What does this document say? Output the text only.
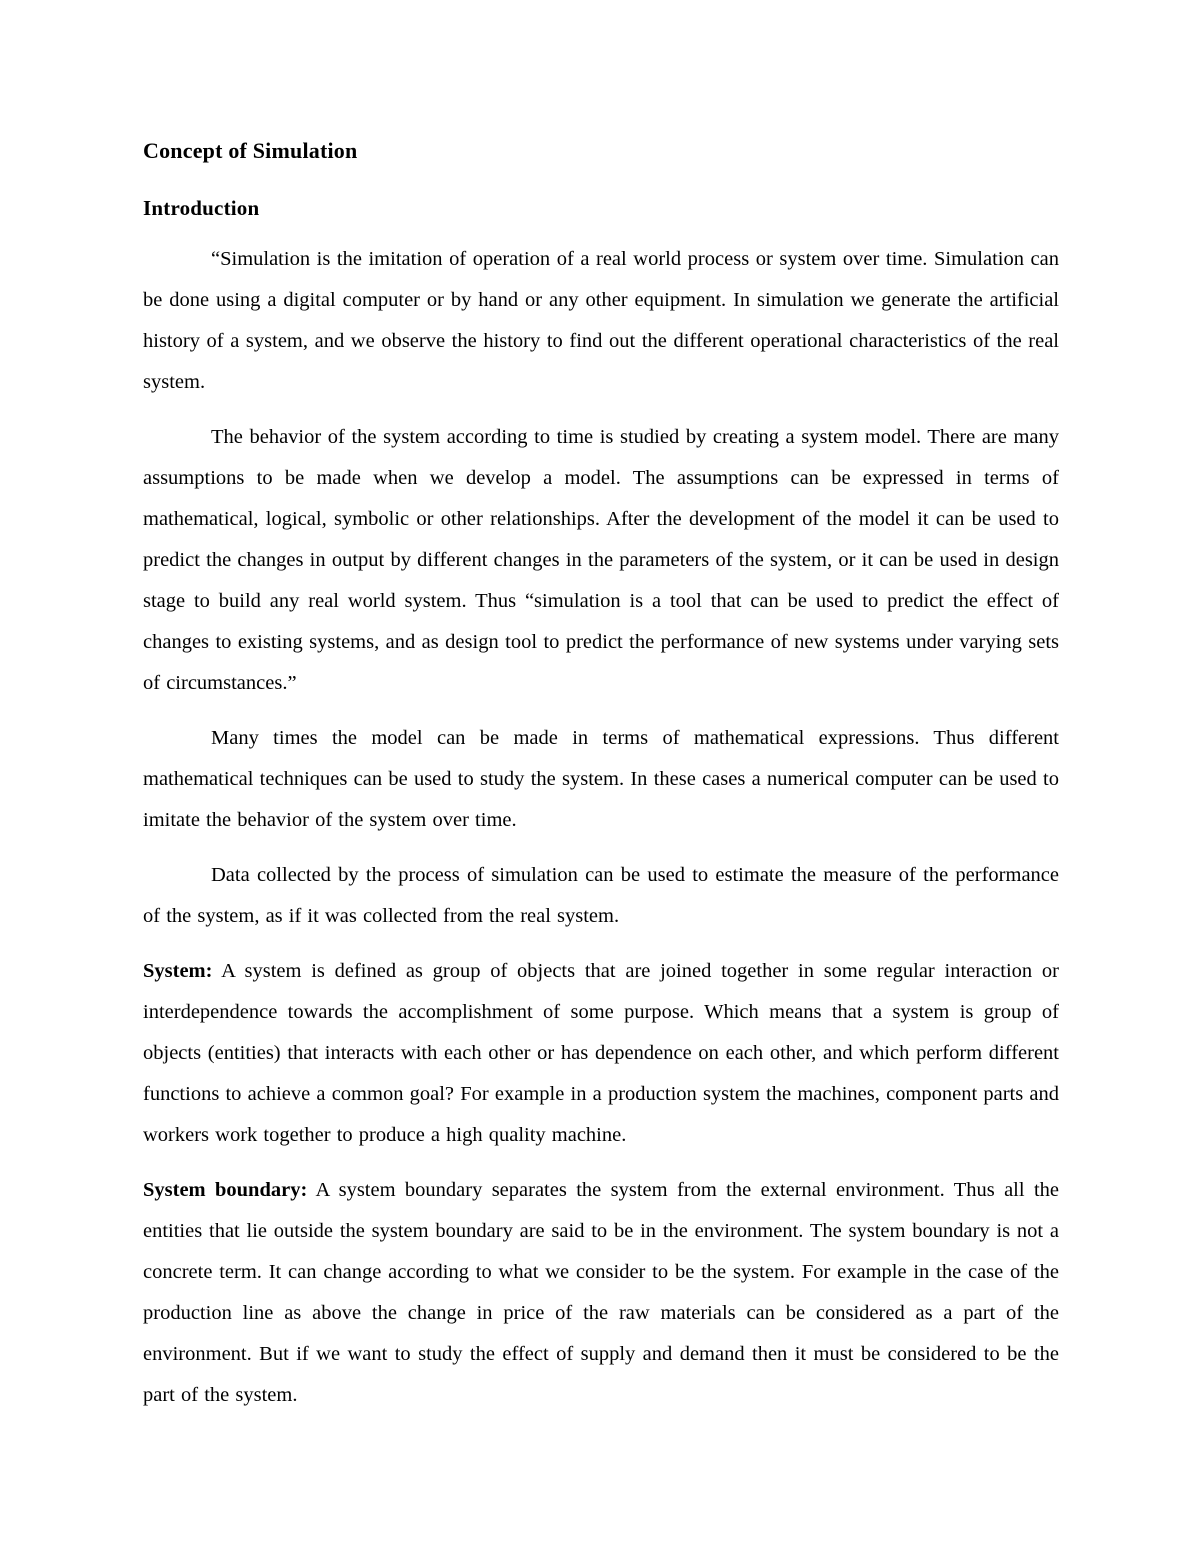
Concept of Simulation
Introduction

“Simulation is the imitation of operation of a real world process or system over time. Simulation can be done using a digital computer or by hand or any other equipment. In simulation we generate the artificial history of a system, and we observe the history to find out the different operational characteristics of the real system.

The behavior of the system according to time is studied by creating a system model. There are many assumptions to be made when we develop a model. The assumptions can be expressed in terms of mathematical, logical, symbolic or other relationships. After the development of the model it can be used to predict the changes in output by different changes in the parameters of the system, or it can be used in design stage to build any real world system. Thus “simulation is a tool that can be used to predict the effect of changes to existing systems, and as design tool to predict the performance of new systems under varying sets of circumstances.”

Many times the model can be made in terms of mathematical expressions. Thus different mathematical techniques can be used to study the system. In these cases a numerical computer can be used to imitate the behavior of the system over time.

Data collected by the process of simulation can be used to estimate the measure of the performance of the system, as if it was collected from the real system.

System: A system is defined as group of objects that are joined together in some regular interaction or interdependence towards the accomplishment of some purpose. Which means that a system is group of objects (entities) that interacts with each other or has dependence on each other, and which perform different functions to achieve a common goal? For example in a production system the machines, component parts and workers work together to produce a high quality machine.

System boundary: A system boundary separates the system from the external environment. Thus all the entities that lie outside the system boundary are said to be in the environment. The system boundary is not a concrete term. It can change according to what we consider to be the system. For example in the case of the production line as above the change in price of the raw materials can be considered as a part of the environment. But if we want to study the effect of supply and demand then it must be considered to be the part of the system.
